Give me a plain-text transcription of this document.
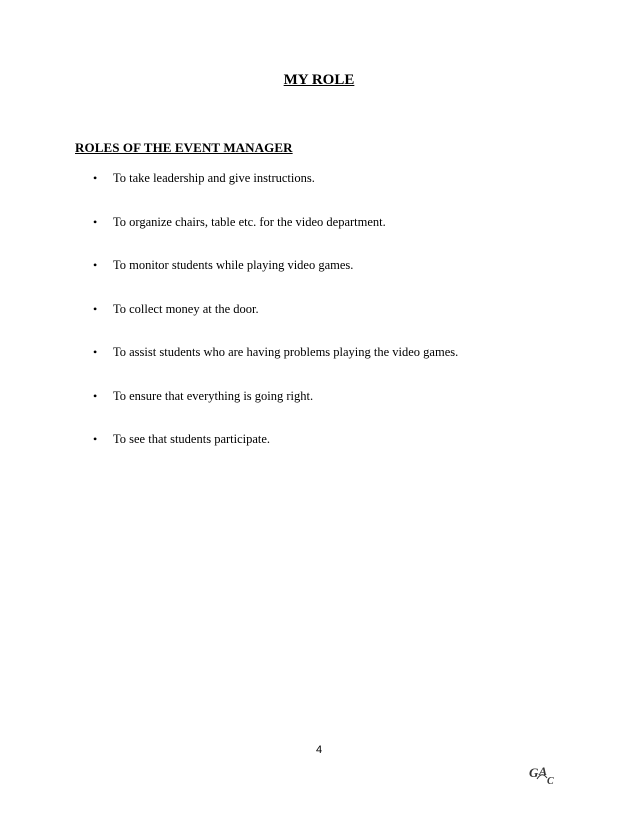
MY ROLE
ROLES OF THE EVENT MANAGER
•	To take leadership and give instructions.
•	To organize chairs, table etc. for the video department.
•	To monitor students while playing video games.
•	To collect money at the door.
•	To assist students who are having problems playing the video games.
•	To ensure that everything is going right.
•	To see that students participate.
4
G A
C
